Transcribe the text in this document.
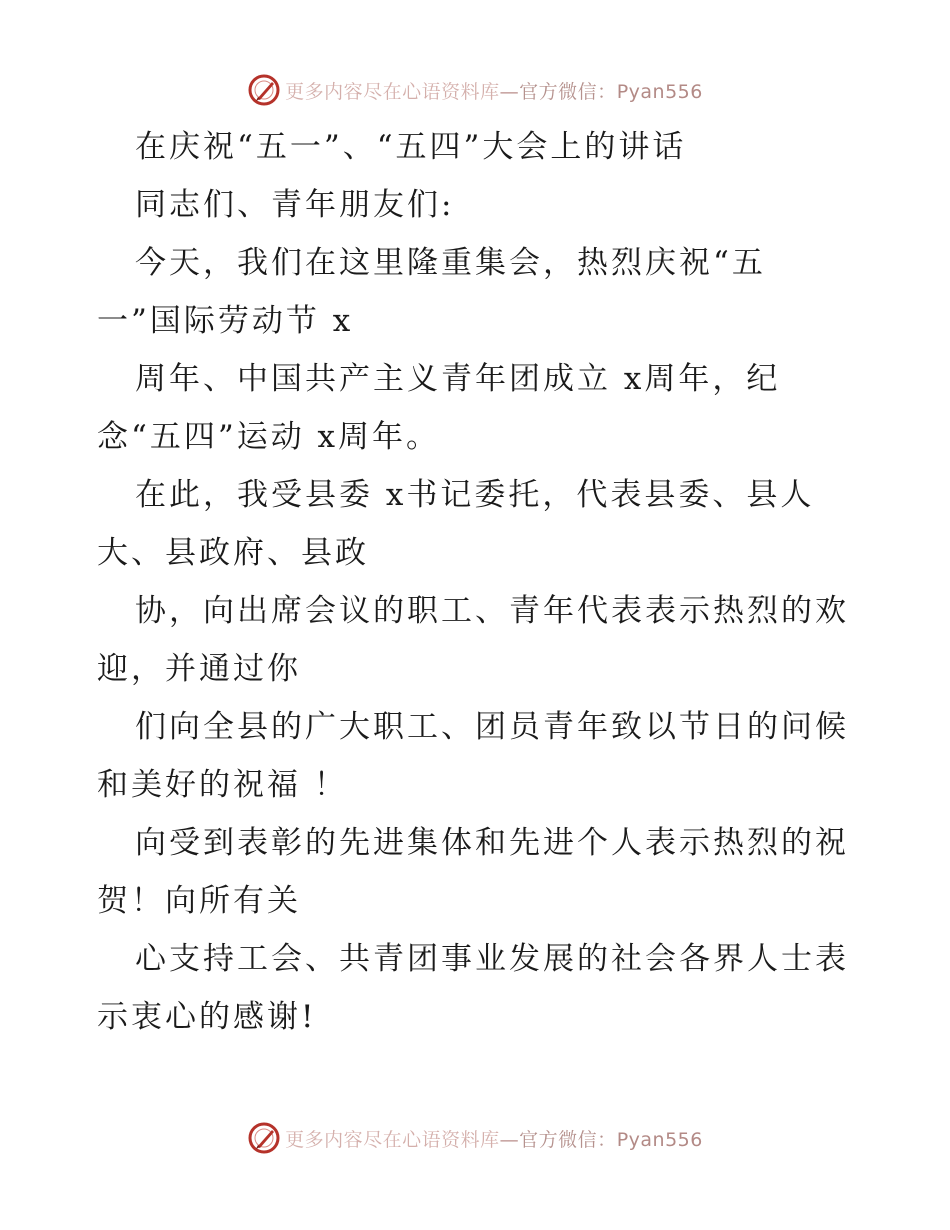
更多内容尽在心语资料库—官方微信：Pyan556
在庆祝“五一”、“五四”大会上的讲话
同志们、青年朋友们:
今天，我们在这里隆重集会，热烈庆祝“五
一”国际劳动节 x
周年、中国共产主义青年团成立 x周年，纪
念“五四”运动 x周年。
在此，我受县委 x书记委托，代表县委、县人
大、县政府、县政
协，向出席会议的职工、青年代表表示热烈的欢
迎，并通过你
们向全县的广大职工、团员青年致以节日的问候
和美好的祝福 ！
向受到表彰的先进集体和先进个人表示热烈的祝
贺！向所有关
心支持工会、共青团事业发展的社会各界人士表
示衷心的感谢!
更多内容尽在心语资料库—官方微信：Pyan556
